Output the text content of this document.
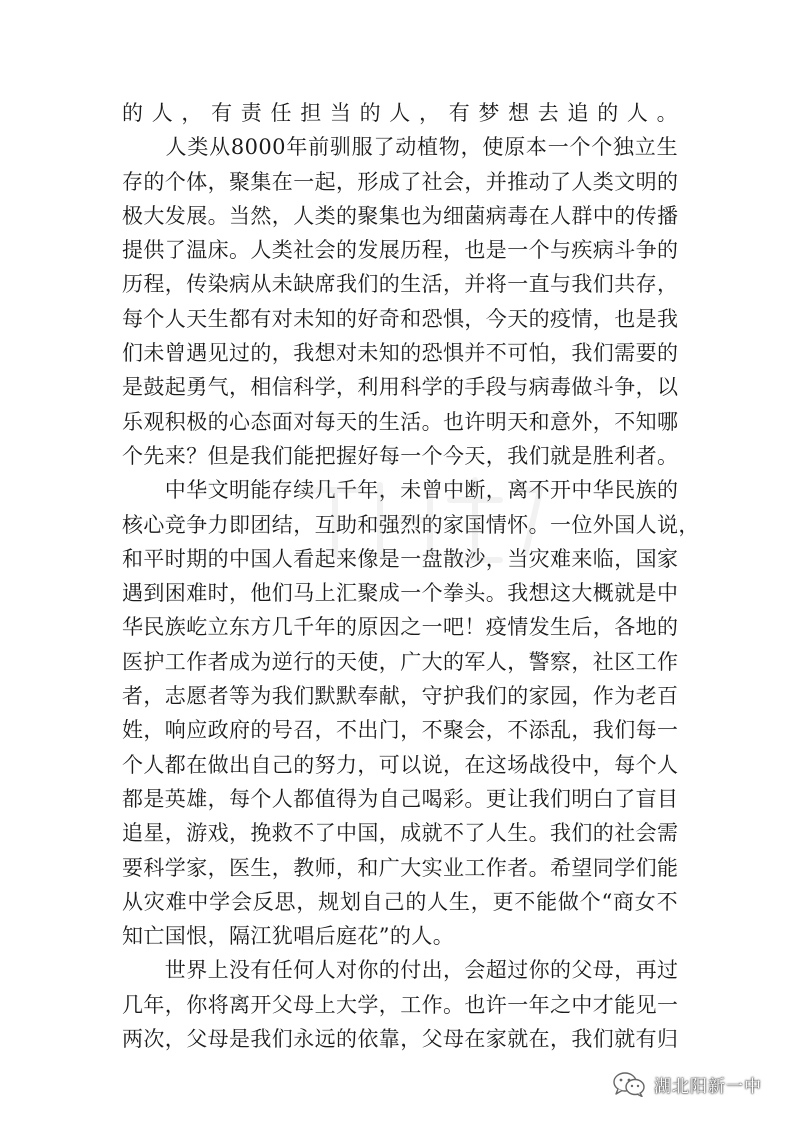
的人，有责任担当的人，有梦想去追的人。
　　人类从8000年前驯服了动植物，使原本一个个独立生
存的个体，聚集在一起，形成了社会，并推动了人类文明的
极大发展。当然，人类的聚集也为细菌病毒在人群中的传播
提供了温床。人类社会的发展历程，也是一个与疾病斗争的
历程，传染病从未缺席我们的生活，并将一直与我们共存，
每个人天生都有对未知的好奇和恐惧，今天的疫情，也是我
们未曾遇见过的，我想对未知的恐惧并不可怕，我们需要的
是鼓起勇气，相信科学，利用科学的手段与病毒做斗争，以
乐观积极的心态面对每天的生活。也许明天和意外，不知哪
个先来？但是我们能把握好每一个今天，我们就是胜利者。
　　中华文明能存续几千年，未曾中断，离不开中华民族的
核心竞争力即团结，互助和强烈的家国情怀。一位外国人说，
和平时期的中国人看起来像是一盘散沙，当灾难来临，国家
遇到困难时，他们马上汇聚成一个拳头。我想这大概就是中
华民族屹立东方几千年的原因之一吧！疫情发生后，各地的
医护工作者成为逆行的天使，广大的军人，警察，社区工作
者，志愿者等为我们默默奉献，守护我们的家园，作为老百
姓，响应政府的号召，不出门，不聚会，不添乱，我们每一
个人都在做出自己的努力，可以说，在这场战役中，每个人
都是英雄，每个人都值得为自己喝彩。更让我们明白了盲目
追星，游戏，挽救不了中国，成就不了人生。我们的社会需
要科学家，医生，教师，和广大实业工作者。希望同学们能
从灾难中学会反思，规划自己的人生，更不能做个“商女不
知亡国恨，隔江犹唱后庭花”的人。
　　世界上没有任何人对你的付出，会超过你的父母，再过
几年，你将离开父母上大学，工作。也许一年之中才能见一
两次，父母是我们永远的依靠，父母在家就在，我们就有归
湖北阳新一中
